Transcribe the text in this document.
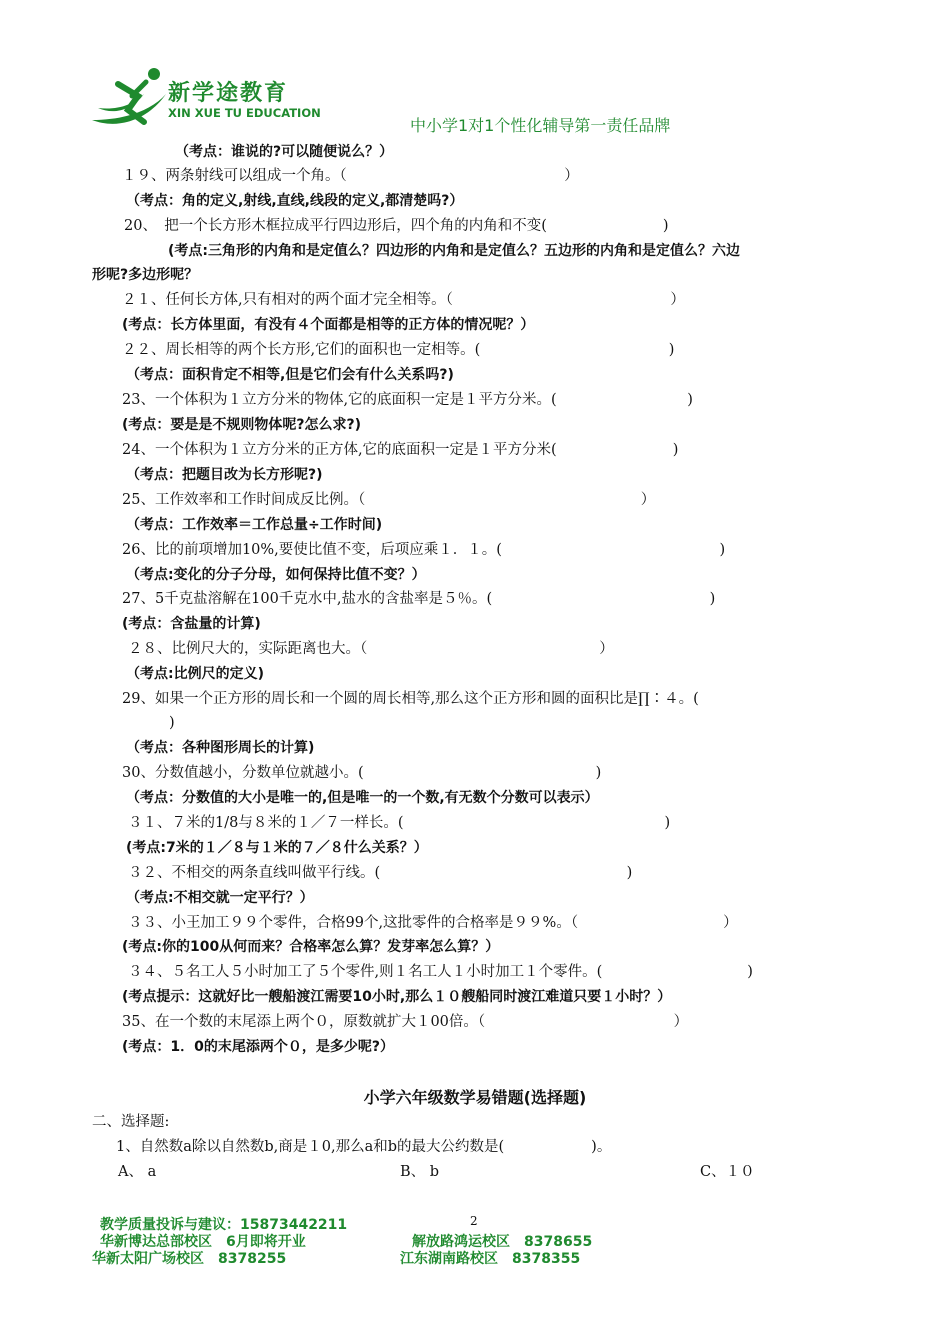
新学途教育
XIN XUE TU EDUCATION
中小学1对1个性化辅导第一责任品牌
（考点：谁说的?可以随便说么？）
１９、两条射线可以组成一个角。（　　　　　　　　　　　　　　　）
（考点：角的定义,射线,直线,线段的定义,都清楚吗?）
20、　把一个长方形木框拉成平行四边形后，四个角的内角和不变(　　　　　　　　)
(考点:三角形的内角和是定值么？四边形的内角和是定值么？五边形的内角和是定值么？六边
形呢?多边形呢？
２１、任何长方体,只有相对的两个面才完全相等。（　　　　　　　　　　　　　　　）
(考点：长方体里面，有没有４个面都是相等的正方体的情况呢？）
２２、周长相等的两个长方形,它们的面积也一定相等。(　　　　　　　　　　　　　)
（考点：面积肯定不相等,但是它们会有什么关系吗?)
23、一个体积为１立方分米的物体,它的底面积一定是１平方分米。(　　　　　　　　　)
(考点：要是是不规则物体呢?怎么求?)
24、一个体积为１立方分米的正方体,它的底面积一定是１平方分米(　　　　　　　　)
（考点：把题目改为长方形呢?)
25、工作效率和工作时间成反比例。（　　　　　　　　　　　　　　　　　　　）
（考点：工作效率＝工作总量÷工作时间)
26、比的前项增加10%,要使比值不变，后项应乘１．１。(　　　　　　　　　　　　　　　)
（考点:变化的分子分母，如何保持比值不变？）
27、5千克盐溶解在100千克水中,盐水的含盐率是５％。(　　　　　　　　　　　　　　　)
(考点：含盐量的计算)
２８、比例尺大的，实际距离也大。（　　　　　　　　　　　　　　　　）
（考点:比例尺的定义)
29、如果一个正方形的周长和一个圆的周长相等,那么这个正方形和圆的面积比是∏∶４。(
　　)
（考点：各种图形周长的计算)
30、分数值越小，分数单位就越小。(　　　　　　　　　　　　　　　　)
（考点：分数值的大小是唯一的,但是唯一的一个数,有无数个分数可以表示）
３１、７米的1/8与８米的１／７一样长。(　　　　　　　　　　　　　　　　　　)
(考点:7米的１／８与１米的７／８什么关系？）
３２、不相交的两条直线叫做平行线。(　　　　　　　　　　　　　　　　　)
（考点:不相交就一定平行？）
３３、小王加工９９个零件，合格99个,这批零件的合格率是９９%。（　　　　　　　　　　）
(考点:你的100从何而来？合格率怎么算？发芽率怎么算？）
３４、５名工人５小时加工了５个零件,则１名工人１小时加工１个零件。(　　　　　　　　　　)
(考点提示：这就好比一艘船渡江需要10小时,那么１０艘船同时渡江难道只要１小时？）
35、在一个数的末尾添上两个０，原数就扩大１00倍。（　　　　　　　　　　　　　）
(考点：1．0的末尾添两个０，是多少呢?）
小学六年级数学易错题(选择题)
二、选择题:
1、自然数a除以自然数b,商是１0,那么a和b的最大公约数是(　　　　　　)。
A、 a	B、 b	C、１０
2
教学质量投诉与建议：15873442211
华新博达总部校区　6月即将开业	解放路鸿运校区　8378655
华新太阳广场校区　8378255	江东湖南路校区　8378355
